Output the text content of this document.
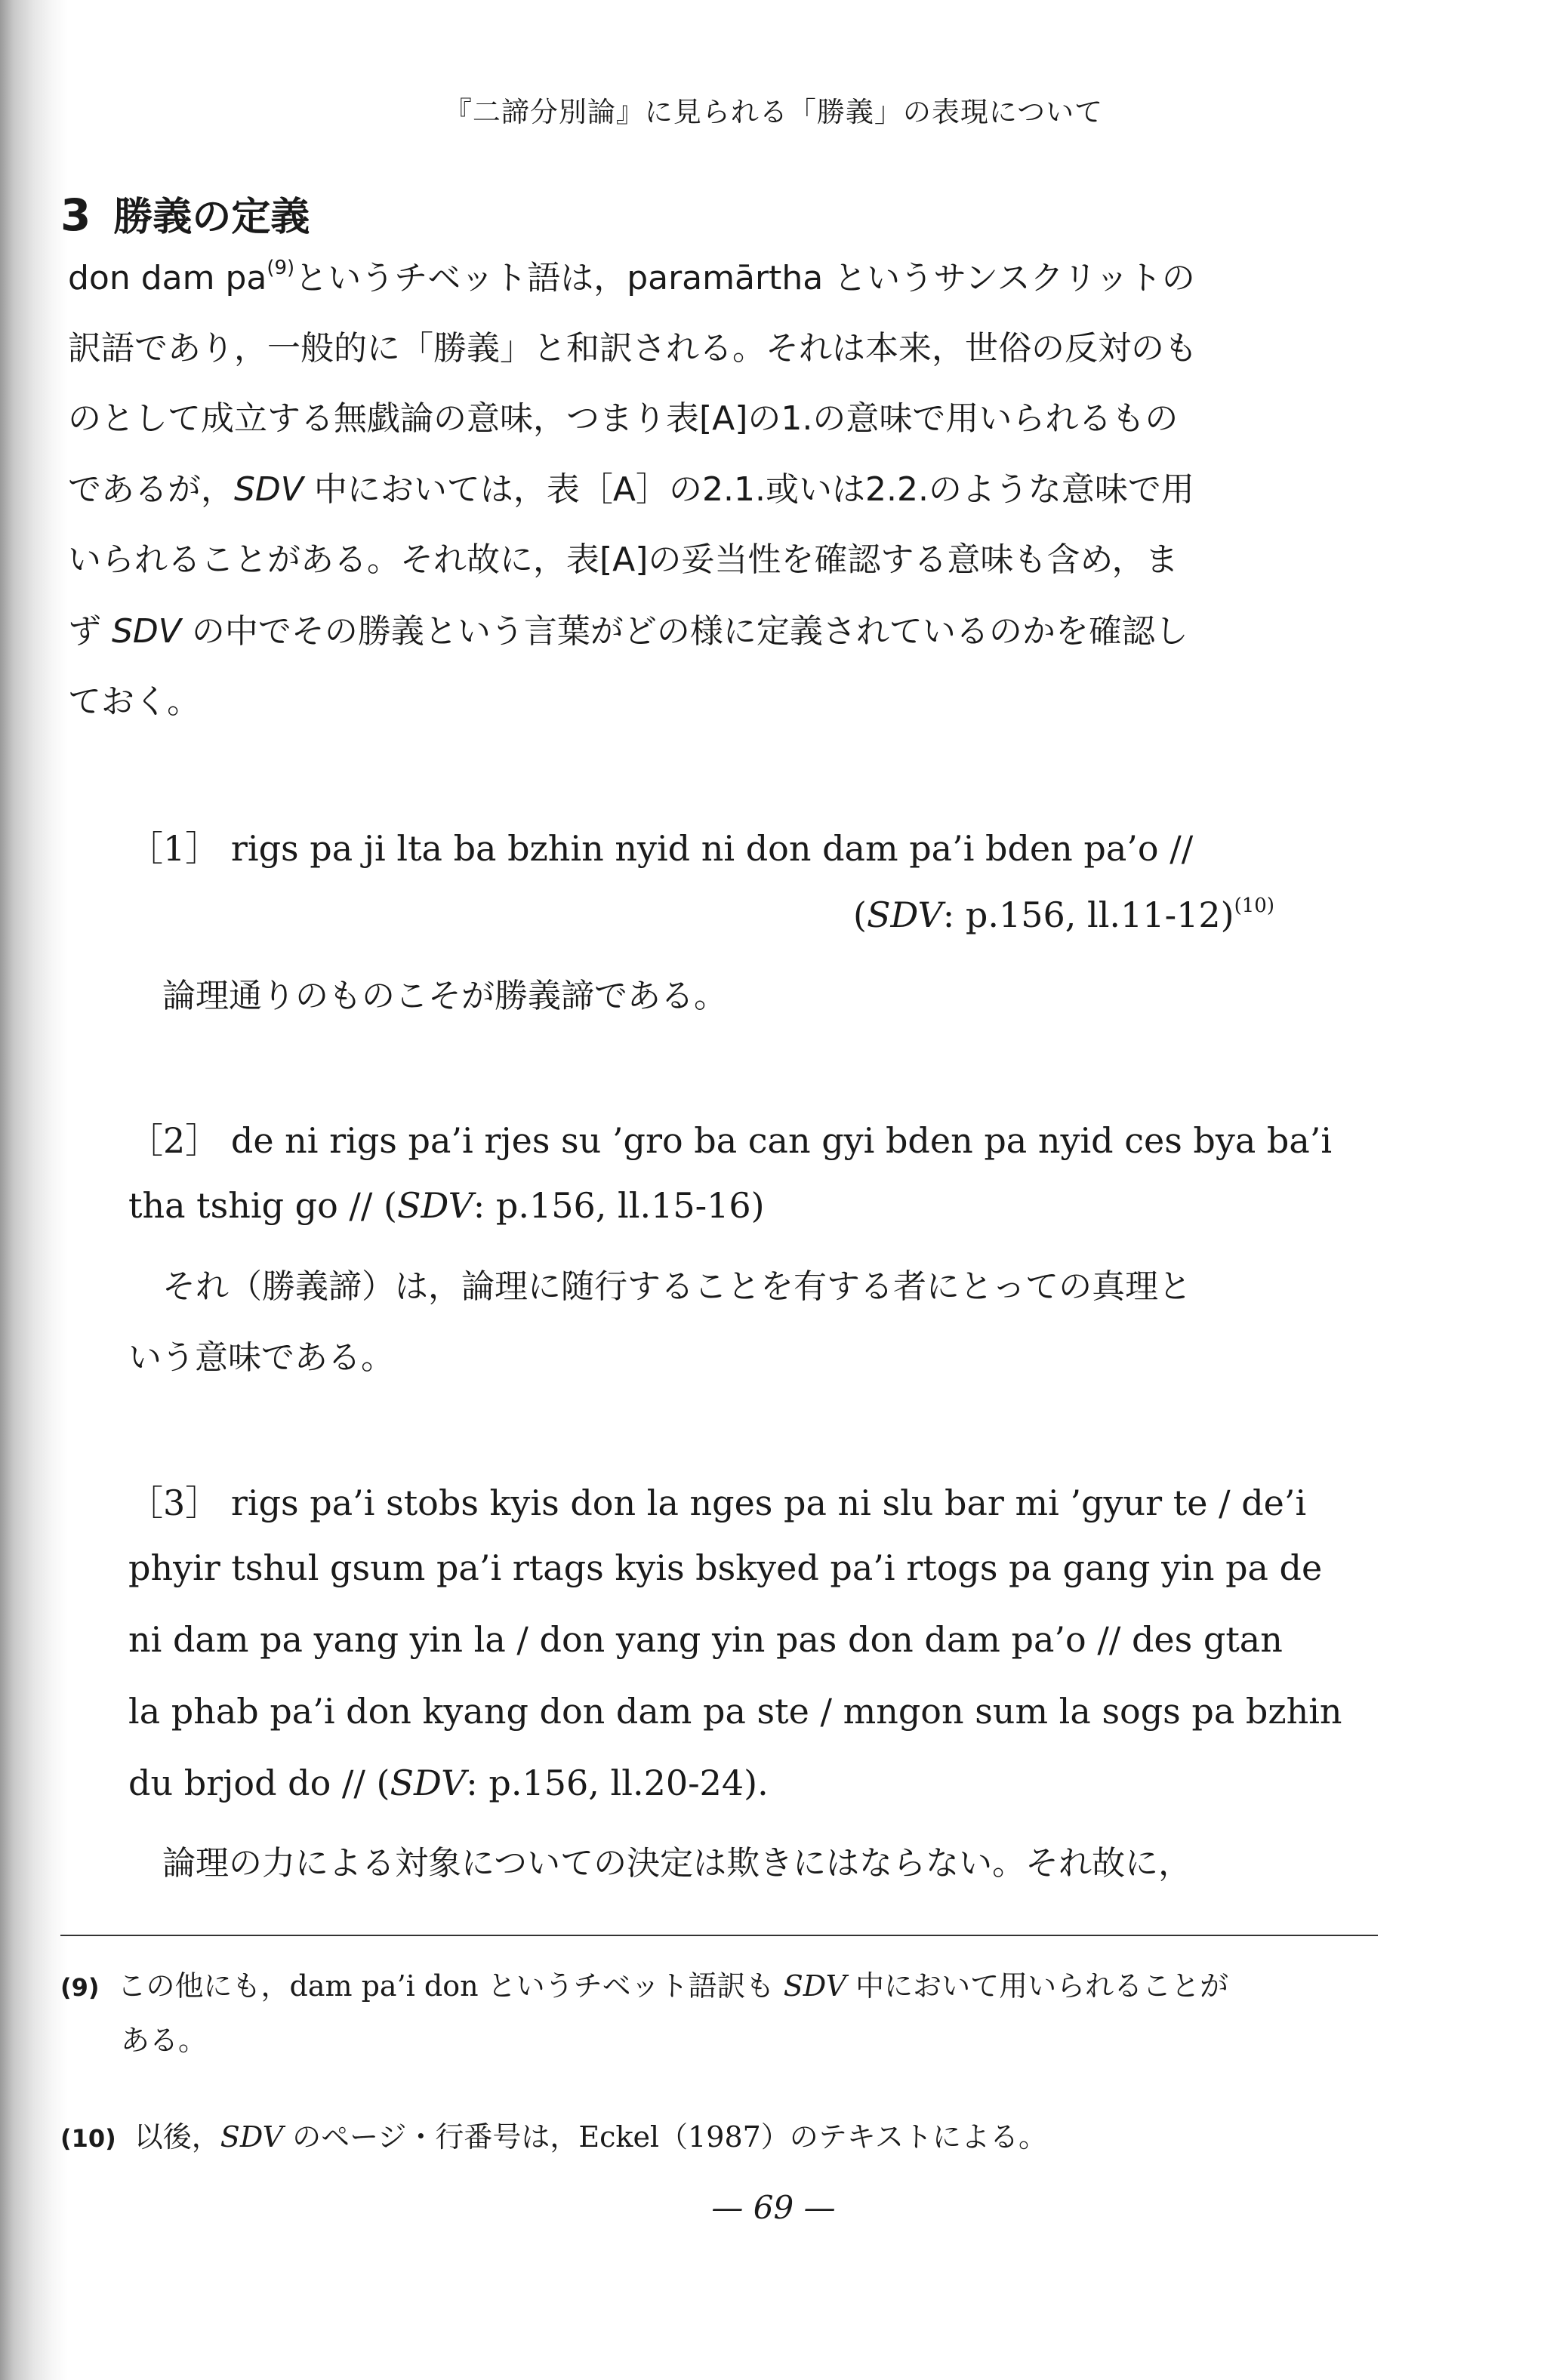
『二諦分別論』に見られる「勝義」の表現について
3 勝義の定義
don dam $pa^{(9)}$というチベット語は，paramārtha というサンスクリットの
訳語であり，一般的に「勝義」と和訳される。それは本来，世俗の反対のも
のとして成立する無戯論の意味，つまり表[A]の1.の意味で用いられるもの
であるが，SDV 中においては，表［A］の2.1.或いは2.2.のような意味で用
いられることがある。それ故に，表[A]の妥当性を確認する意味も含め，ま
ず SDV の中でその勝義という言葉がどの様に定義されているのかを確認し
ておく。
［1］ rigs pa ji lta ba bzhin nyid ni don dam pa’i bden pa’o //
(SDV: p.156, ll.11-12)$^{(10)}$
論理通りのものこそが勝義諦である。
［2］ de ni rigs pa’i rjes su ’gro ba can gyi bden pa nyid ces bya ba’i
tha tshig go // (SDV: p.156, ll.15-16)
それ（勝義諦）は，論理に随行することを有する者にとっての真理と
いう意味である。
［3］ rigs pa’i stobs kyis don la nges pa ni slu bar mi ’gyur te / de’i
phyir tshul gsum pa’i rtags kyis bskyed pa’i rtogs pa gang yin pa de
ni dam pa yang yin la / don yang yin pas don dam pa’o // des gtan
la phab pa’i don kyang don dam pa ste / mngon sum la sogs pa bzhin
du brjod do // (SDV: p.156, ll.20-24).
論理の力による対象についての決定は欺きにはならない。それ故に，
(9) この他にも，dam pa’i don というチベット語訳も SDV 中において用いられることが
ある。
(10) 以後，SDV のページ・行番号は，Eckel（1987）のテキストによる。
— 69 —
